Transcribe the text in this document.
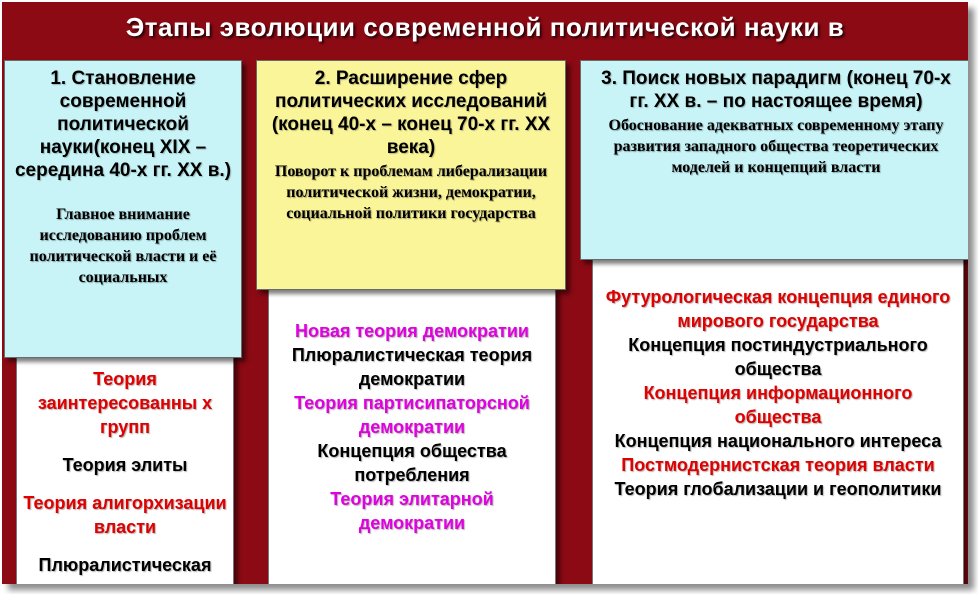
Этапы эволюции современной политической науки в
1. Становление современной политической науки(конец XIX – середина 40-х гг. XX в.)
Главное внимание исследованию проблем политической власти и её социальных
Теория заинтересованны х групп
Теория элиты
Теория алигорхизации власти
Плюралистическая
2. Расширение сфер политических исследований (конец 40-х – конец 70-х гг. XX века)
Поворот к проблемам либерализации политической жизни, демократии, социальной политики государства
Новая теория демократии
Плюралистическая теория демократии
Теория партисипаторсной демократии
Концепция общества потребления
Теория элитарной демократии
3. Поиск новых парадигм (конец 70-х гг. XX в. – по настоящее время)
Обоснование адекватных современному этапу развития западного общества теоретических моделей и концепций власти
Футурологическая концепция единого мирового государства
Концепция постиндустриального общества
Концепция информационного общества
Концепция национального интереса
Постмодернистская теория власти
Теория глобализации и геополитики
